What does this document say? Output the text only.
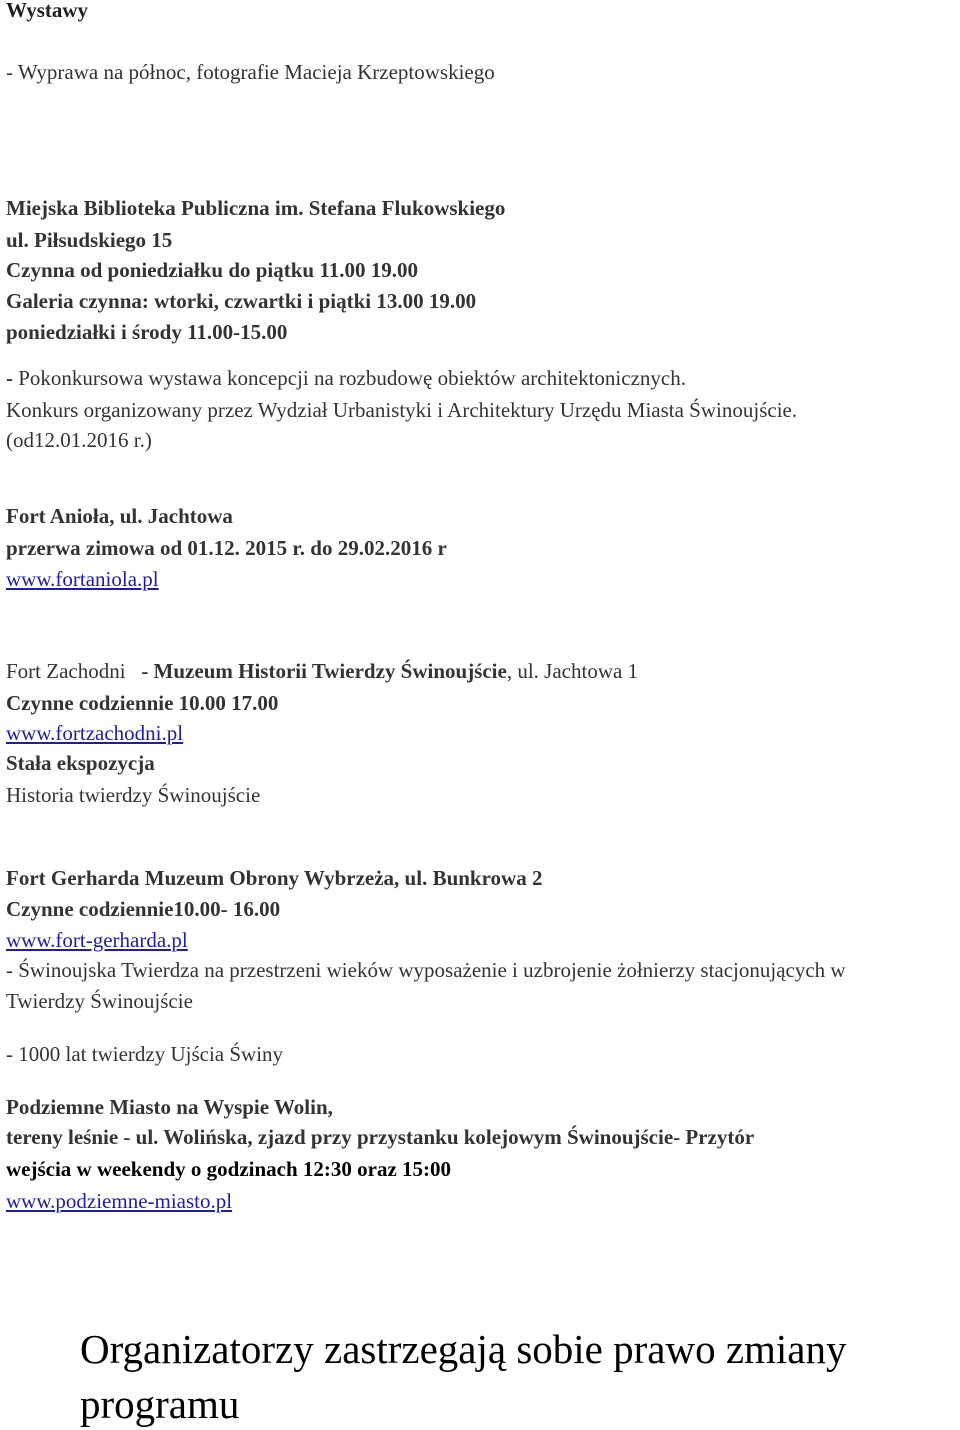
Wystawy
- Wyprawa na północ, fotografie Macieja Krzeptowskiego
Miejska Biblioteka Publiczna im. Stefana Flukowskiego
ul. Piłsudskiego 15
Czynna od poniedziałku do piątku 11.00 19.00
Galeria czynna: wtorki, czwartki i piątki 13.00 19.00
poniedziałki i środy 11.00-15.00
- Pokonkursowa wystawa koncepcji na rozbudowę obiektów architektonicznych.
Konkurs organizowany przez Wydział Urbanistyki i Architektury Urzędu Miasta Świnoujście.
(od12.01.2016 r.)
Fort Anioła, ul. Jachtowa
przerwa zimowa od 01.12. 2015 r. do 29.02.2016 r
www.fortaniola.pl
Fort Zachodni - Muzeum Historii Twierdzy Świnoujście, ul. Jachtowa 1
Czynne codziennie 10.00 17.00
www.fortzachodni.pl
Stała ekspozycja
Historia twierdzy Świnoujście
Fort Gerharda Muzeum Obrony Wybrzeża, ul. Bunkrowa 2
Czynne codziennie10.00- 16.00
www.fort-gerharda.pl
- Świnoujska Twierdza na przestrzeni wieków wyposażenie i uzbrojenie żołnierzy stacjonujących w
Twierdzy Świnoujście
- 1000 lat twierdzy Ujścia Świny
Podziemne Miasto na Wyspie Wolin,
tereny leśnie - ul. Wolińska, zjazd przy przystanku kolejowym Świnoujście- Przytór
wejścia w weekendy o godzinach 12:30 oraz 15:00
www.podziemne-miasto.pl
Organizatorzy zastrzegają sobie prawo zmiany
programu
